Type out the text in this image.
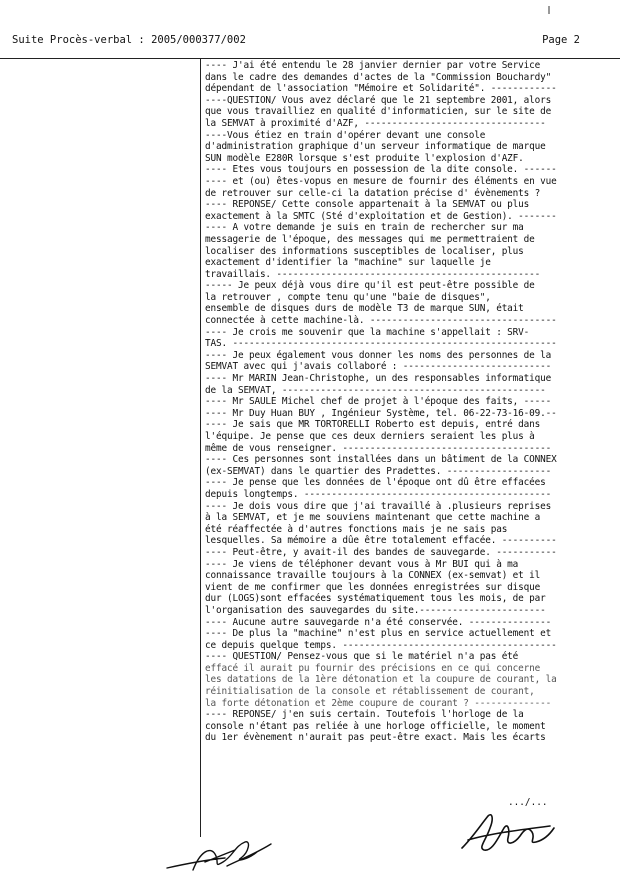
Suite Procès-verbal : 2005/000377/002	Page 2
---- J'ai été entendu le 28 janvier dernier par votre Service
dans le cadre des demandes d'actes de la "Commission Bouchardy"
dépendant de l'association "Mémoire et Solidarité". ------------
----QUESTION/ Vous avez déclaré que le 21 septembre 2001, alors
que vous travailliez en qualité d'informaticien, sur le site de
la SEMVAT à proximité d'AZF, ---------------------------------
----Vous étiez en train d'opérer devant une console
d'administration graphique d'un serveur informatique de marque
SUN modèle E280R lorsque s'est produite l'explosion d'AZF.
---- Etes vous toujours en possession de la dite console. ------
---- et (ou) êtes-vopus en mesure de fournir des éléments en vue
de retrouver sur celle-ci la datation précise d' évènements ?
---- REPONSE/ Cette console appartenait à la SEMVAT ou plus
exactement à la SMTC (Sté d'exploitation et de Gestion). -------
---- A votre demande je suis en train de rechercher sur ma
messagerie de l'époque, des messages qui me permettraient de
localiser des informations susceptibles de localiser, plus
exactement d'identifier la "machine" sur laquelle je
travaillais. ------------------------------------------------
----- Je peux déjà vous dire qu'il est peut-être possible de
la retrouver , compte tenu qu'une "baie de disques",
ensemble de disques durs de modèle T3 de marque SUN, était
connectée à cette machine-là. ----------------------------------
---- Je crois me souvenir que la machine s'appellait : SRV-
TAS. -----------------------------------------------------------
---- Je peux également vous donner les noms des personnes de la
SEMVAT avec qui j'avais collaboré : ---------------------------
---- Mr MARIN Jean-Christophe, un des responsables informatique
de la SEMVAT, ------------------------------------------------
---- Mr SAULE Michel chef de projet à l'époque des faits, -----
---- Mr Duy Huan BUY , Ingénieur Système, tel. 06-22-73-16-09.--
---- Je sais que MR TORTORELLI Roberto est depuis, entré dans
l'équipe. Je pense que ces deux derniers seraient les plus à
même de vous renseigner. --------------------------------------
---- Ces personnes sont installées dans un bâtiment de la CONNEX
(ex-SEMVAT) dans le quartier des Pradettes. -------------------
---- Je pense que les données de l'époque ont dû être effacées
depuis longtemps. ---------------------------------------------
---- Je dois vous dire que j'ai travaillé à .plusieurs reprises
à la SEMVAT, et je me souviens maintenant que cette machine a
été réaffectée à d'autres fonctions mais je ne sais pas
lesquelles. Sa mémoire a dûe être totalement effacée. ----------
---- Peut-être, y avait-il des bandes de sauvegarde. -----------
---- Je viens de téléphoner devant vous à Mr BUI qui à ma
connaissance travaille toujours à la CONNEX (ex-semvat) et il
vient de me confirmer que les données enregistrées sur disque
dur (LOGS)sont effacées systématiquement tous les mois, de par
l'organisation des sauvegardes du site.-----------------------
---- Aucune autre sauvegarde n'a été conservée. ---------------
---- De plus la "machine" n'est plus en service actuellement et
ce depuis quelque temps. ---------------------------------------
---- QUESTION/ Pensez-vous que si le matériel n'a pas été
effacé il aurait pu fournir des précisions en ce qui concerne
les datations de la 1ère détonation et la coupure de courant, la
réinitialisation de la console et rétablissement de courant,
la forte détonation et 2ème coupure de courant ? --------------
---- REPONSE/ j'en suis certain. Toutefois l'horloge de la
console n'étant pas reliée à une horloge officielle, le moment
du 1er évènement n'aurait pas peut-être exact. Mais les écarts
.../...
